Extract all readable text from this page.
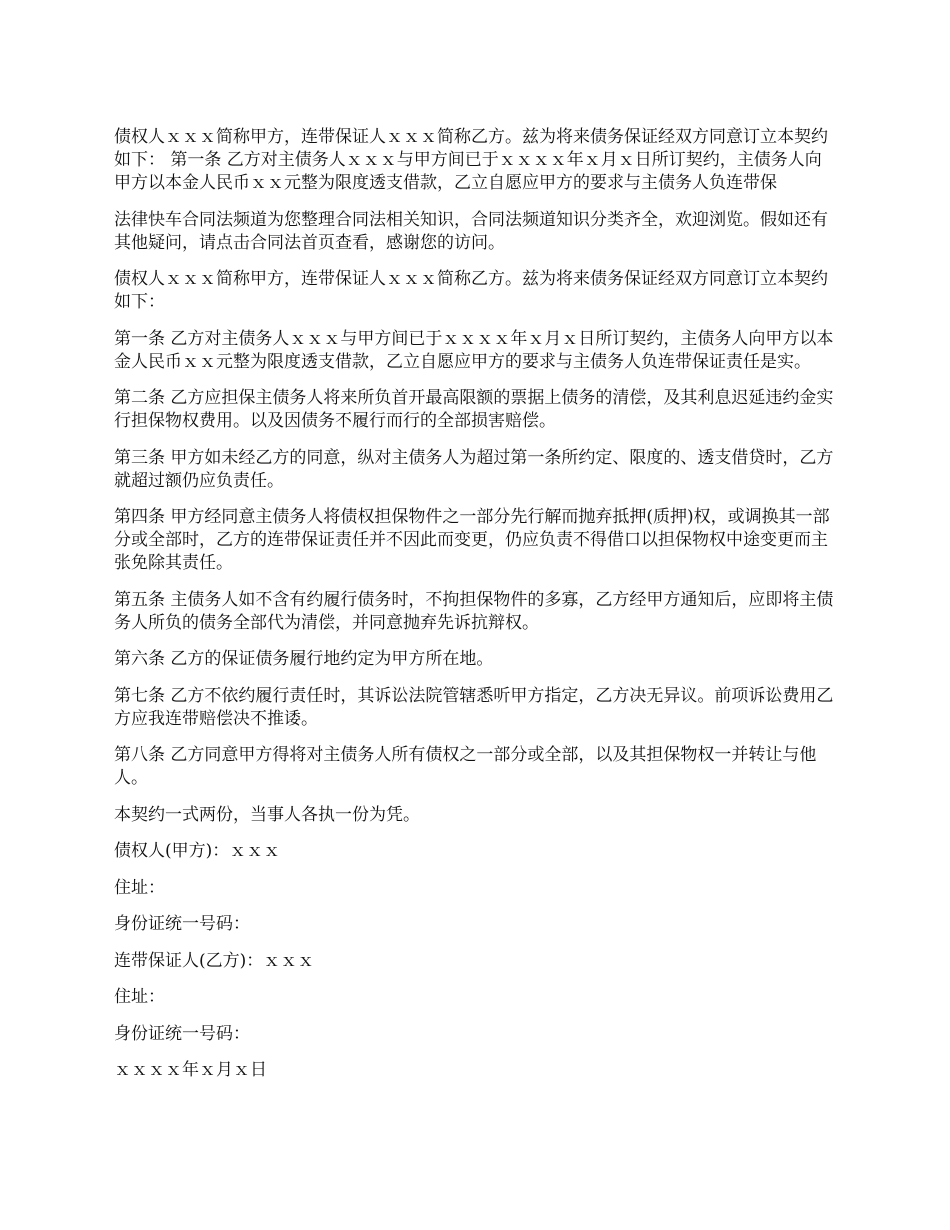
债权人ｘｘｘ简称甲方，连带保证人ｘｘｘ简称乙方。兹为将来债务保证经双方同意订立本契约如下： 第一条 乙方对主债务人ｘｘｘ与甲方间已于ｘｘｘｘ年ｘ月ｘ日所订契约，主债务人向甲方以本金人民币ｘｘ元整为限度透支借款，乙立自愿应甲方的要求与主债务人负连带保

法律快车合同法频道为您整理合同法相关知识，合同法频道知识分类齐全，欢迎浏览。假如还有其他疑问，请点击合同法首页查看，感谢您的访问。

债权人ｘｘｘ简称甲方，连带保证人ｘｘｘ简称乙方。兹为将来债务保证经双方同意订立本契约如下：

第一条 乙方对主债务人ｘｘｘ与甲方间已于ｘｘｘｘ年ｘ月ｘ日所订契约，主债务人向甲方以本金人民币ｘｘ元整为限度透支借款，乙立自愿应甲方的要求与主债务人负连带保证责任是实。

第二条 乙方应担保主债务人将来所负首开最高限额的票据上债务的清偿，及其利息迟延违约金实行担保物权费用。以及因债务不履行而行的全部损害赔偿。

第三条 甲方如未经乙方的同意，纵对主债务人为超过第一条所约定、限度的、透支借贷时，乙方就超过额仍应负责任。

第四条 甲方经同意主债务人将债权担保物件之一部分先行解而抛弃抵押(质押)权，或调换其一部分或全部时，乙方的连带保证责任并不因此而变更，仍应负责不得借口以担保物权中途变更而主张免除其责任。

第五条 主债务人如不含有约履行债务时，不拘担保物件的多寡，乙方经甲方通知后，应即将主债务人所负的债务全部代为清偿，并同意抛弃先诉抗辩权。

第六条 乙方的保证债务履行地约定为甲方所在地。

第七条 乙方不依约履行责任时，其诉讼法院管辖悉听甲方指定，乙方决无异议。前项诉讼费用乙方应我连带赔偿决不推诿。

第八条 乙方同意甲方得将对主债务人所有债权之一部分或全部，以及其担保物权一并转让与他人。

本契约一式两份，当事人各执一份为凭。

债权人(甲方)：ｘｘｘ
住址：
身份证统一号码：
连带保证人(乙方)：ｘｘｘ
住址：
身份证统一号码：
ｘｘｘｘ年ｘ月ｘ日
